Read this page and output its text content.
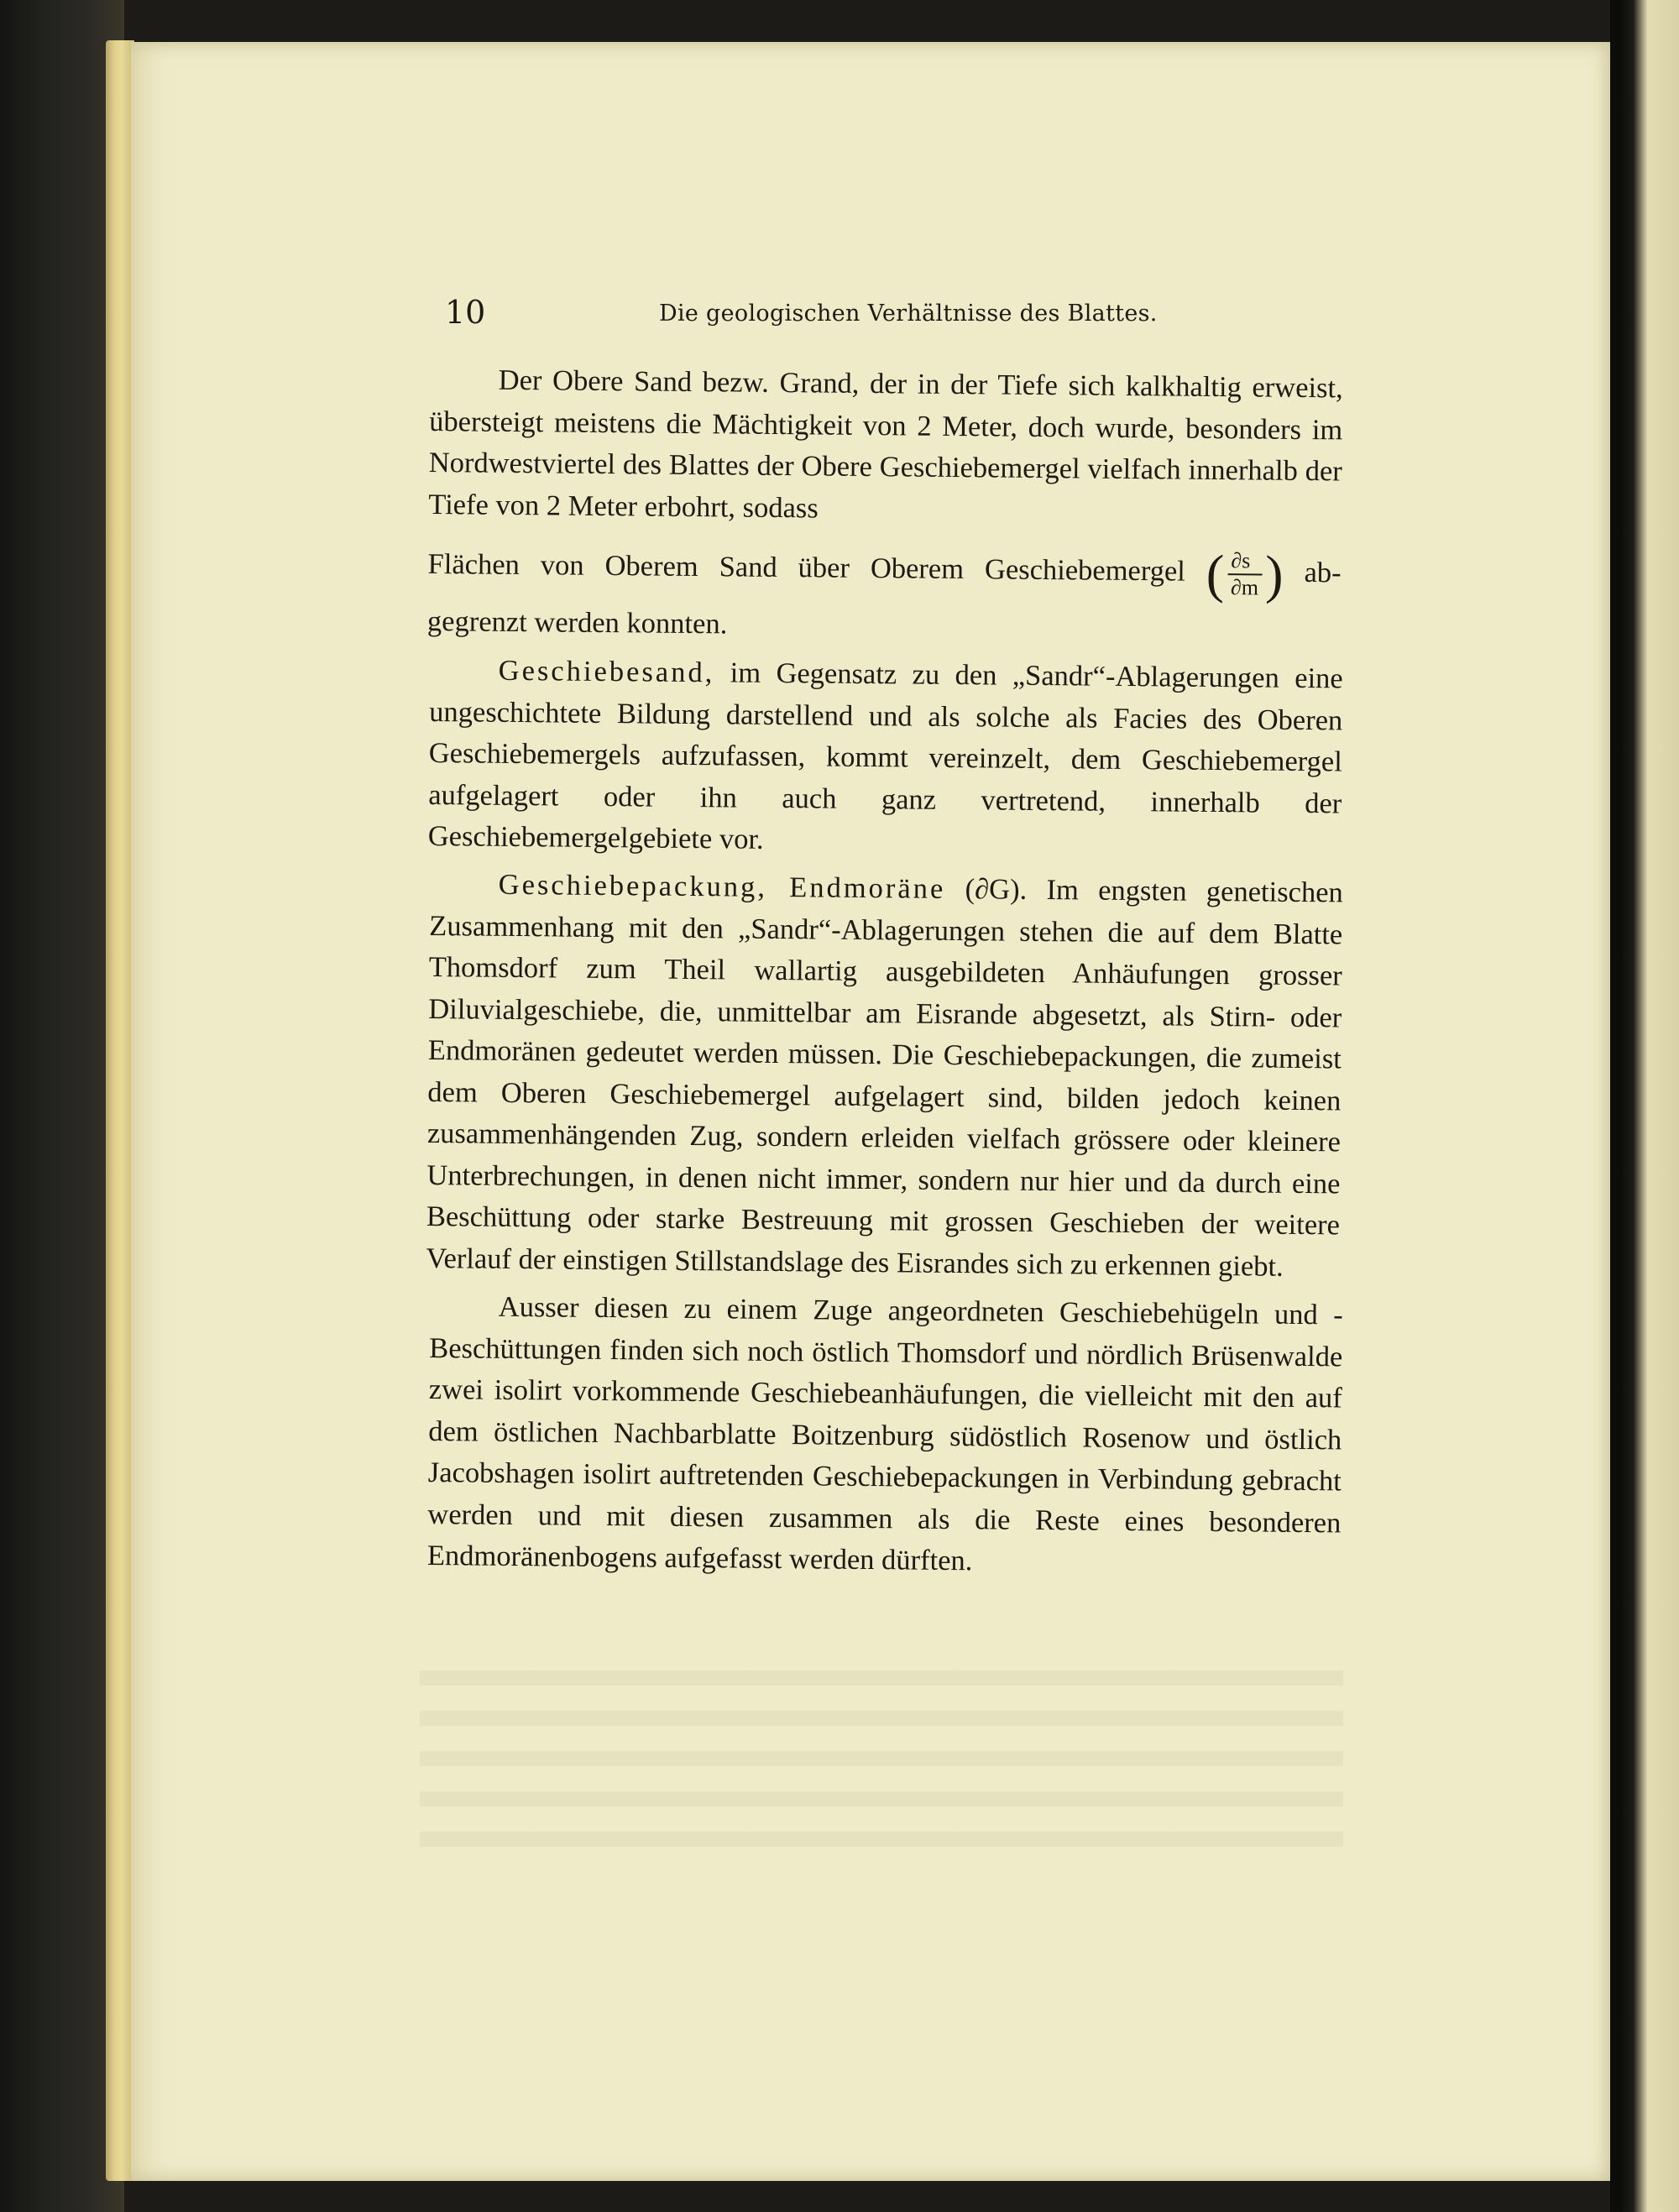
10	Die geologischen Verhältnisse des Blattes.

Der Obere Sand bezw. Grand, der in der Tiefe sich kalkhaltig erweist, übersteigt meistens die Mächtigkeit von 2 Meter, doch wurde, besonders im Nordwestviertel des Blattes der Obere Geschiebemergel vielfach innerhalb der Tiefe von 2 Meter erbohrt, sodass
Flächen von Oberem Sand über Oberem Geschiebemergel ( $\frac{\partial s}{\partial m}$ ) ab-
gegrenzt werden konnten.

Geschiebesand, im Gegensatz zu den „Sandr“-Ablagerungen eine ungeschichtete Bildung darstellend und als solche als Facies des Oberen Geschiebemergels aufzufassen, kommt vereinzelt, dem Geschiebemergel aufgelagert oder ihn auch ganz vertretend, innerhalb der Geschiebemergelgebiete vor.

Geschiebepackung, Endmoräne (∂G). Im engsten genetischen Zusammenhang mit den „Sandr“-Ablagerungen stehen die auf dem Blatte Thomsdorf zum Theil wallartig ausgebildeten Anhäufungen grosser Diluvialgeschiebe, die, unmittelbar am Eisrande abgesetzt, als Stirn- oder Endmoränen gedeutet werden müssen. Die Geschiebepackungen, die zumeist dem Oberen Geschiebemergel aufgelagert sind, bilden jedoch keinen zusammenhängenden Zug, sondern erleiden vielfach grössere oder kleinere Unterbrechungen, in denen nicht immer, sondern nur hier und da durch eine Beschüttung oder starke Bestreuung mit grossen Geschieben der weitere Verlauf der einstigen Stillstandslage des Eisrandes sich zu erkennen giebt.

Ausser diesen zu einem Zuge angeordneten Geschiebehügeln und -Beschüttungen finden sich noch östlich Thomsdorf und nördlich Brüsenwalde zwei isolirt vorkommende Geschiebeanhäufungen, die vielleicht mit den auf dem östlichen Nachbarblatte Boitzenburg südöstlich Rosenow und östlich Jacobshagen isolirt auftretenden Geschiebepackungen in Verbindung gebracht werden und mit diesen zusammen als die Reste eines besonderen Endmoränenbogens aufgefasst werden dürften.
